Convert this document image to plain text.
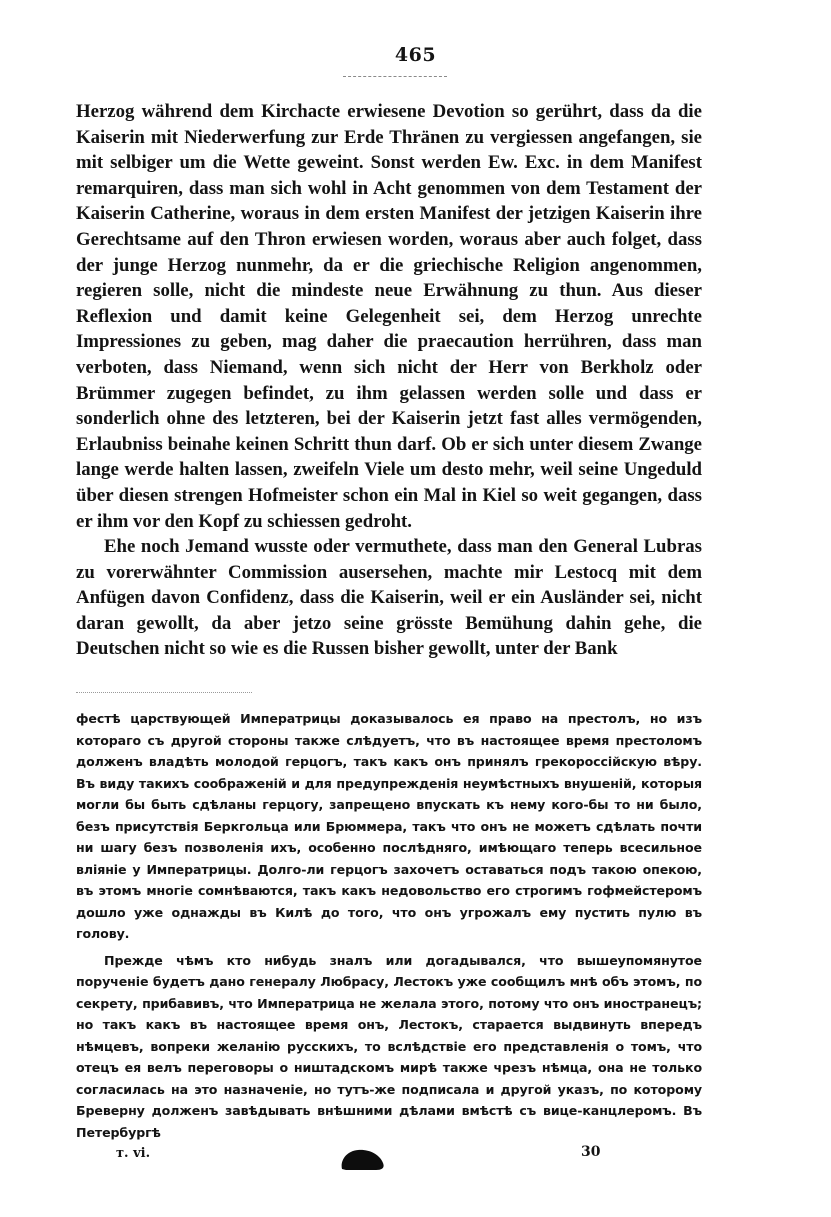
465

Herzog während dem Kirchacte erwiesene Devotion so gerührt, dass da die Kaiserin mit Niederwerfung zur Erde Thränen zu vergiessen angefangen, sie mit selbiger um die Wette geweint. Sonst werden Ew. Exc. in dem Manifest remarquiren, dass man sich wohl in Acht genommen von dem Testament der Kaiserin Catherine, woraus in dem ersten Manifest der jetzigen Kaiserin ihre Gerechtsame auf den Thron erwiesen worden, woraus aber auch folget, dass der junge Herzog nunmehr, da er die griechische Religion angenommen, regieren solle, nicht die mindeste neue Erwähnung zu thun. Aus dieser Reflexion und damit keine Gelegenheit sei, dem Herzog unrechte Impressiones zu geben, mag daher die praecaution herrühren, dass man verboten, dass Niemand, wenn sich nicht der Herr von Berkholz oder Brümmer zugegen befindet, zu ihm gelassen werden solle und dass er sonderlich ohne des letzteren, bei der Kaiserin jetzt fast alles vermögenden, Erlaubniss beinahe keinen Schritt thun darf. Ob er sich unter diesem Zwange lange werde halten lassen, zweifeln Viele um desto mehr, weil seine Ungeduld über diesen strengen Hofmeister schon ein Mal in Kiel so weit gegangen, dass er ihm vor den Kopf zu schiessen gedroht.

Ehe noch Jemand wusste oder vermuthete, dass man den General Lubras zu vorerwähnter Commission ausersehen, machte mir Lestocq mit dem Anfügen davon Confidenz, dass die Kaiserin, weil er ein Ausländer sei, nicht daran gewollt, da aber jetzo seine grösste Bemühung dahin gehe, die Deutschen nicht so wie es die Russen bisher gewollt, unter der Bank

фестѣ царствующей Императрицы доказывалось ея право на престолъ, но изъ котораго съ другой стороны также слѣдуетъ, что въ настоящее время престоломъ долженъ владѣть молодой герцогъ, такъ какъ онъ принялъ грекороссійскую вѣру. Въ виду такихъ соображеній и для предупрежденія неумѣстныхъ внушеній, которыя могли бы быть сдѣланы герцогу, запрещено впускать къ нему кого-бы то ни было, безъ присутствія Беркгольца или Брюммера, такъ что онъ не можетъ сдѣлать почти ни шагу безъ позволенія ихъ, особенно послѣдняго, имѣющаго теперь всесильное вліяніе у Императрицы. Долго-ли герцогъ захочетъ оставаться подъ такою опекою, въ этомъ многіе сомнѣваются, такъ какъ недовольство его строгимъ гофмейстеромъ дошло уже однажды въ Килѣ до того, что онъ угрожалъ ему пустить пулю въ голову.

Прежде чѣмъ кто нибудь зналъ или догадывался, что вышеупомянутое порученіе будетъ дано генералу Любрасу, Лестокъ уже сообщилъ мнѣ объ этомъ, по секрету, прибавивъ, что Императрица не желала этого, потому что онъ иностранецъ; но такъ какъ въ настоящее время онъ, Лестокъ, старается выдвинуть впередъ нѣмцевъ, вопреки желанію русскихъ, то вслѣдствіе его представленія о томъ, что отецъ ея велъ переговоры о ништадскомъ мирѣ также чрезъ нѣмца, она не только согласилась на это назначеніе, но тутъ-же подписала и другой указъ, по которому Бреверну долженъ завѣдывать внѣшними дѣлами вмѣстѣ съ вице-канцлеромъ. Въ Петербургѣ

т. vi.	30
